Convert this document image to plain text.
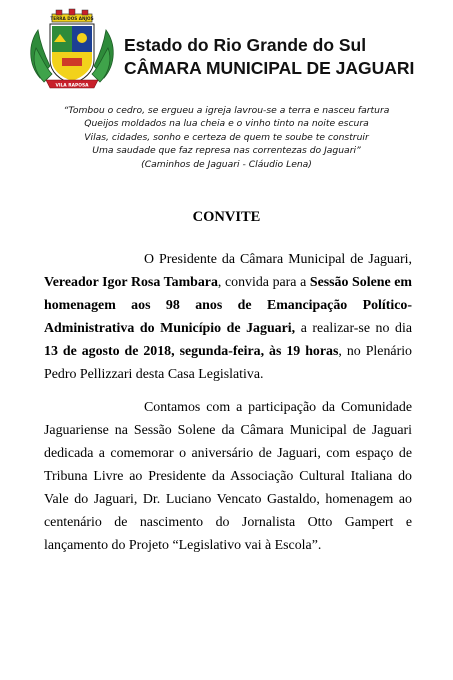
TERRA DOS ANJOS
VILA RAPOSA
Estado do Rio Grande do Sul
CÂMARA MUNICIPAL DE JAGUARI
“Tombou o cedro, se ergueu a igreja lavrou-se a terra e nasceu fartura
Queijos moldados na lua cheia e o vinho tinto na noite escura
Vilas, cidades, sonho e certeza de quem te soube te construir
Uma saudade que faz represa nas correntezas do Jaguari”
(Caminhos de Jaguari - Cláudio Lena)
CONVITE

O Presidente da Câmara Municipal de Jaguari, Vereador Igor Rosa Tambara, convida para a Sessão Solene em homenagem aos 98 anos de Emancipação Político-Administrativa do Município de Jaguari, a realizar-se no dia 13 de agosto de 2018, segunda-feira, às 19 horas, no Plenário Pedro Pellizzari desta Casa Legislativa.

Contamos com a participação da Comunidade Jaguariense na Sessão Solene da Câmara Municipal de Jaguari dedicada a comemorar o aniversário de Jaguari, com espaço de Tribuna Livre ao Presidente da Associação Cultural Italiana do Vale do Jaguari, Dr. Luciano Vencato Gastaldo, homenagem ao centenário de nascimento do Jornalista Otto Gampert e lançamento do Projeto “Legislativo vai à Escola”.
